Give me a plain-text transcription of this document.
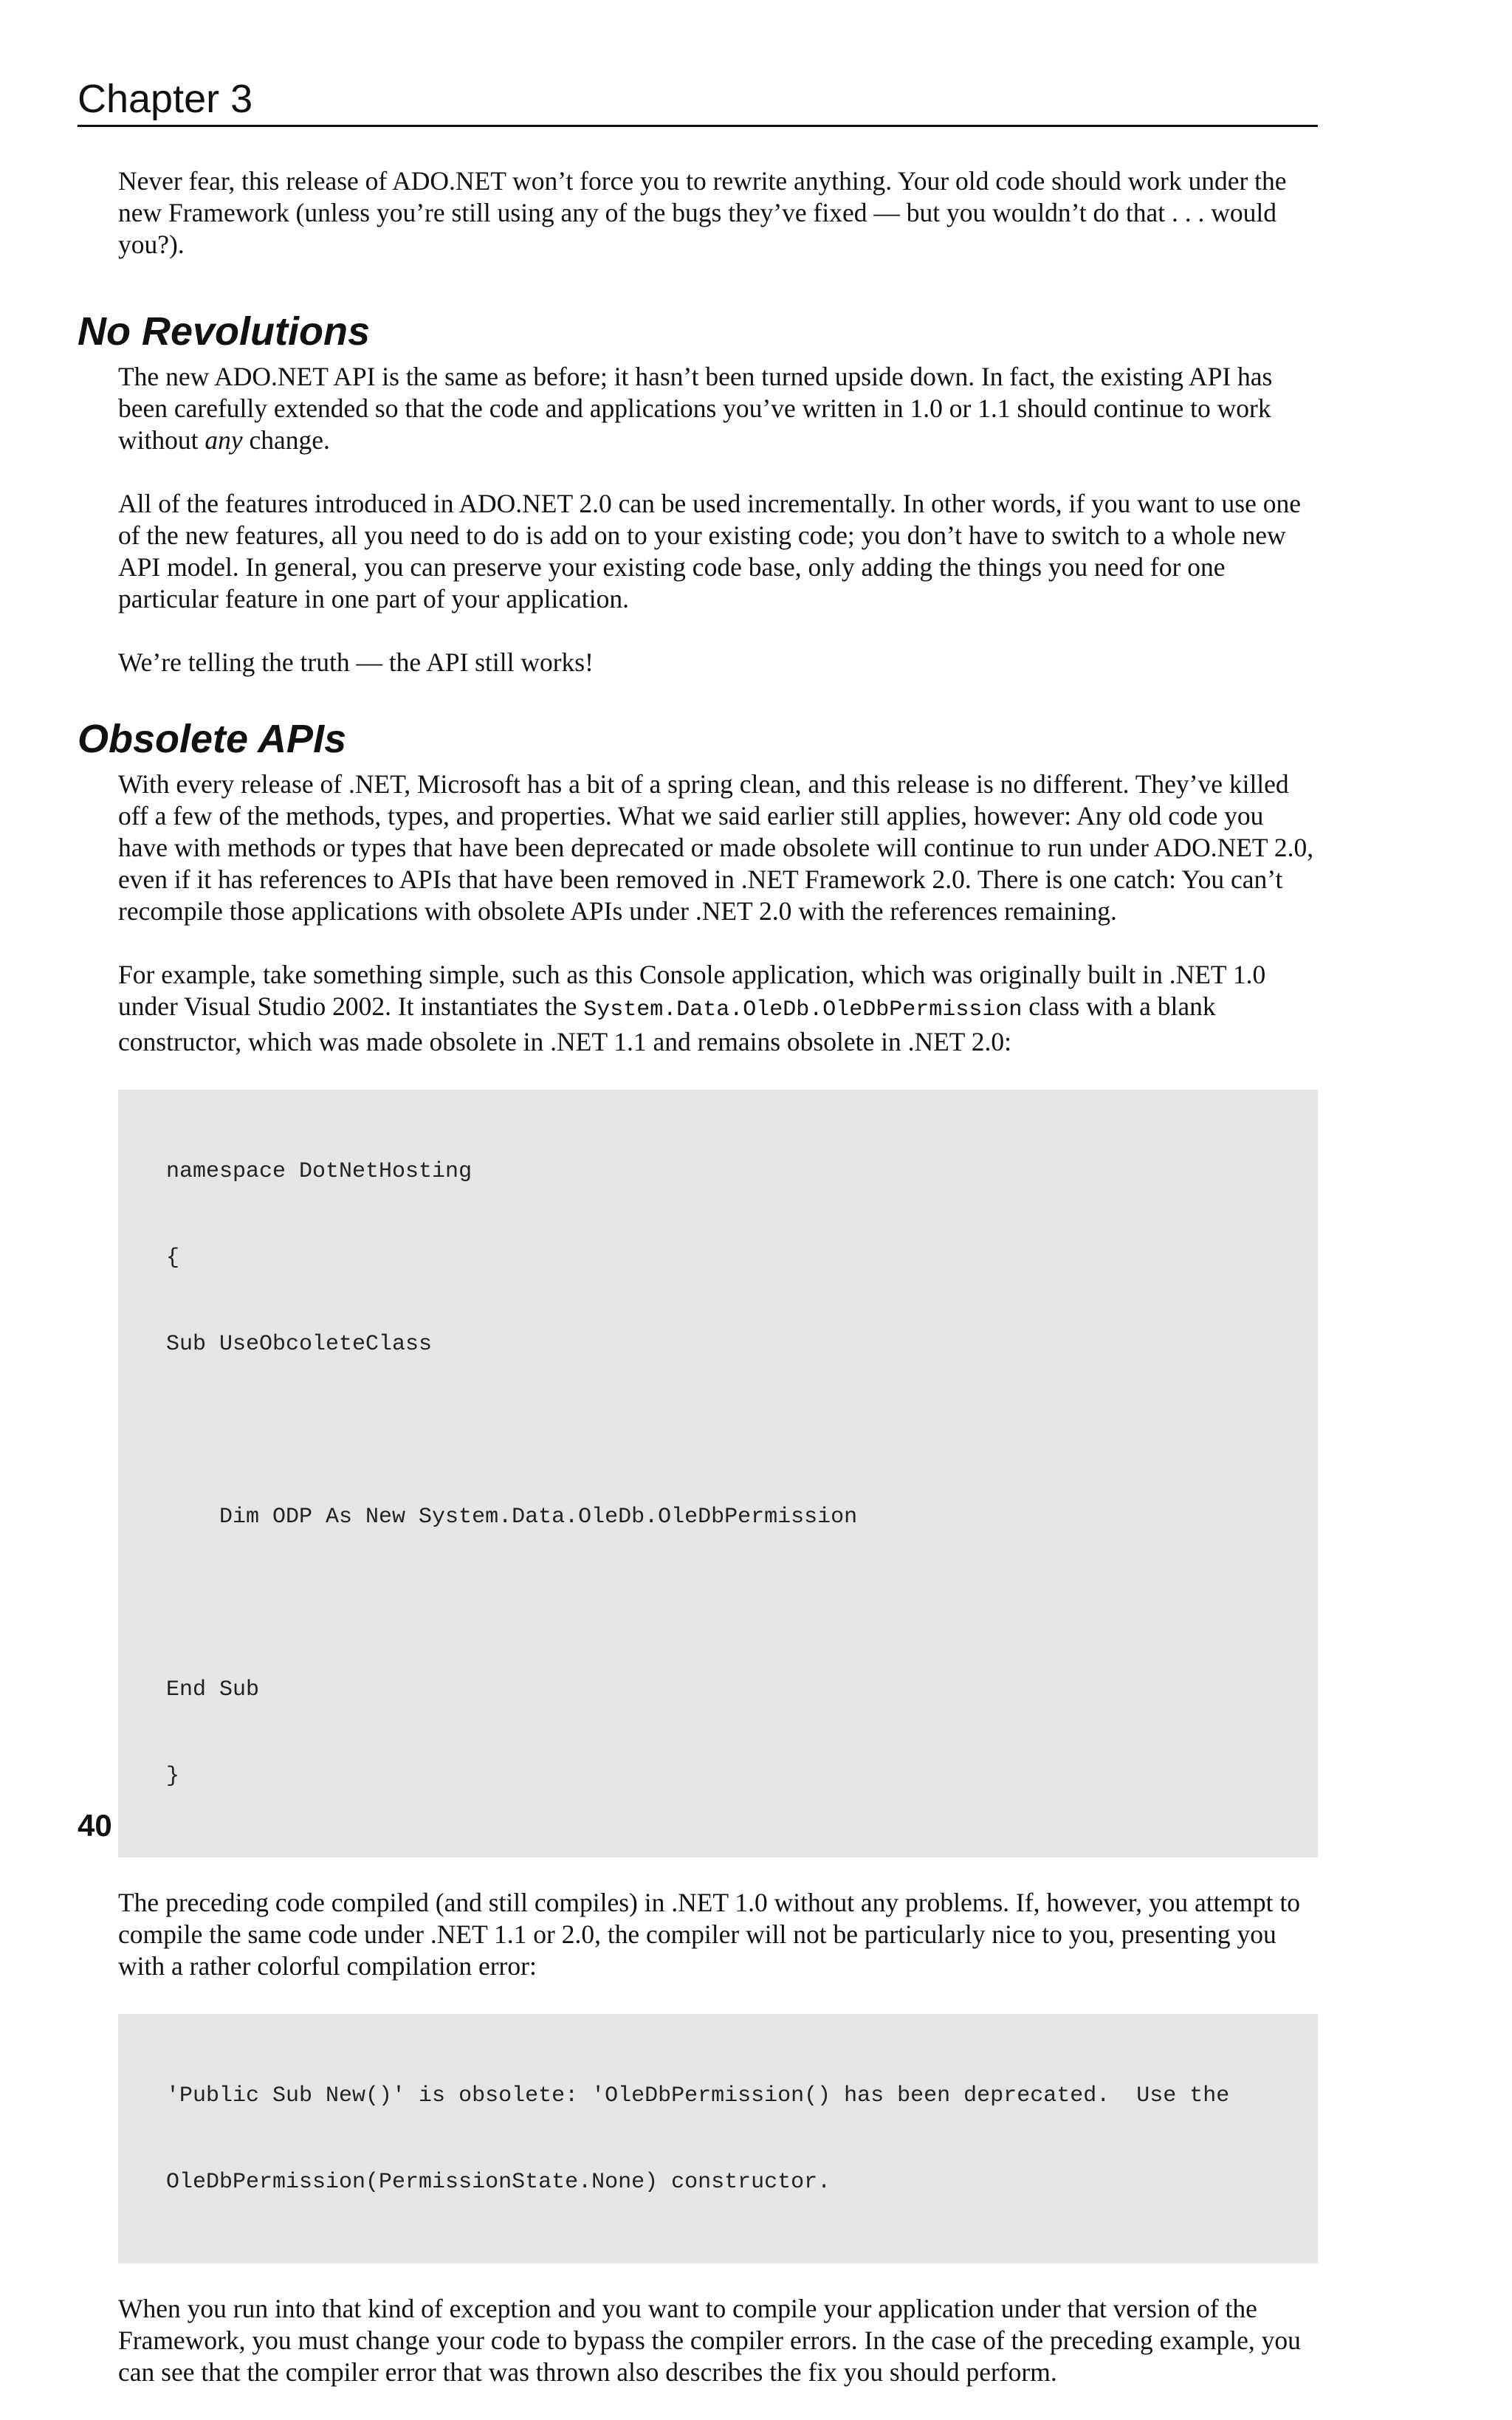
Chapter 3

Never fear, this release of ADO.NET won’t force you to rewrite anything. Your old code should work under the new Framework (unless you’re still using any of the bugs they’ve fixed — but you wouldn’t do that . . . would you?).

No Revolutions

The new ADO.NET API is the same as before; it hasn’t been turned upside down. In fact, the existing API has been carefully extended so that the code and applications you’ve written in 1.0 or 1.1 should continue to work without any change.

All of the features introduced in ADO.NET 2.0 can be used incrementally. In other words, if you want to use one of the new features, all you need to do is add on to your existing code; you don’t have to switch to a whole new API model. In general, you can preserve your existing code base, only adding the things you need for one particular feature in one part of your application.

We’re telling the truth — the API still works!

Obsolete APIs

With every release of .NET, Microsoft has a bit of a spring clean, and this release is no different. They’ve killed off a few of the methods, types, and properties. What we said earlier still applies, however: Any old code you have with methods or types that have been deprecated or made obsolete will continue to run under ADO.NET 2.0, even if it has references to APIs that have been removed in .NET Framework 2.0. There is one catch: You can’t recompile those applications with obsolete APIs under .NET 2.0 with the references remaining.

For example, take something simple, such as this Console application, which was originally built in .NET 1.0 under Visual Studio 2002. It instantiates the System.Data.OleDb.OleDbPermission class with a blank constructor, which was made obsolete in .NET 1.1 and remains obsolete in .NET 2.0:

namespace DotNetHosting

{

Sub UseObcoleteClass

Dim ODP As New System.Data.OleDb.OleDbPermission

End Sub

}

The preceding code compiled (and still compiles) in .NET 1.0 without any problems. If, however, you attempt to compile the same code under .NET 1.1 or 2.0, the compiler will not be particularly nice to you, presenting you with a rather colorful compilation error:

'Public Sub New()' is obsolete: 'OleDbPermission() has been deprecated.  Use the

OleDbPermission(PermissionState.None) constructor.

When you run into that kind of exception and you want to compile your application under that version of the Framework, you must change your code to bypass the compiler errors. In the case of the preceding example, you can see that the compiler error that was thrown also describes the fix you should perform.

40
